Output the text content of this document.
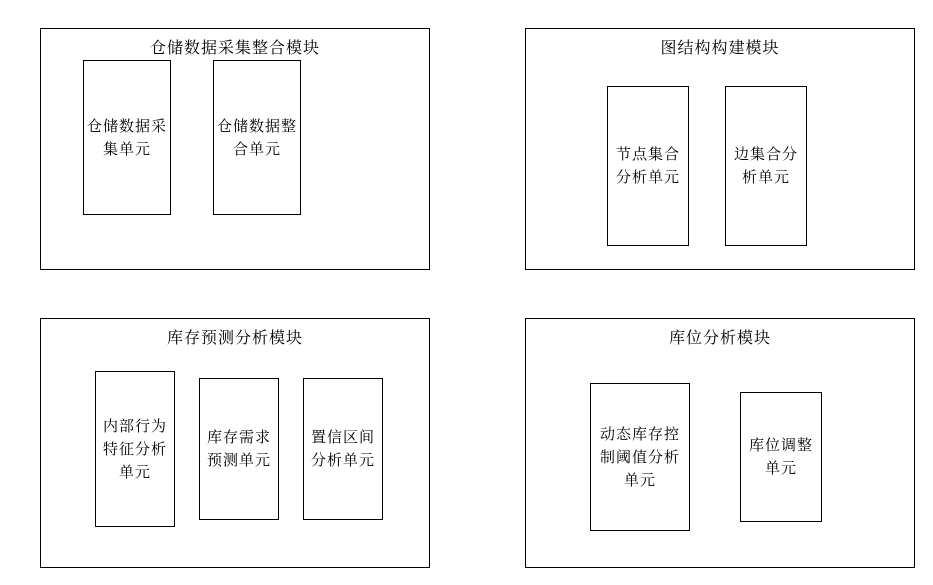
仓储数据采集整合模块
仓储数据采集单元
仓储数据整合单元
图结构构建模块
节点集合分析单元
边集合分析单元
库存预测分析模块
内部行为特征分析单元
库存需求预测单元
置信区间分析单元
库位分析模块
动态库存控制阈值分析单元
库位调整单元
